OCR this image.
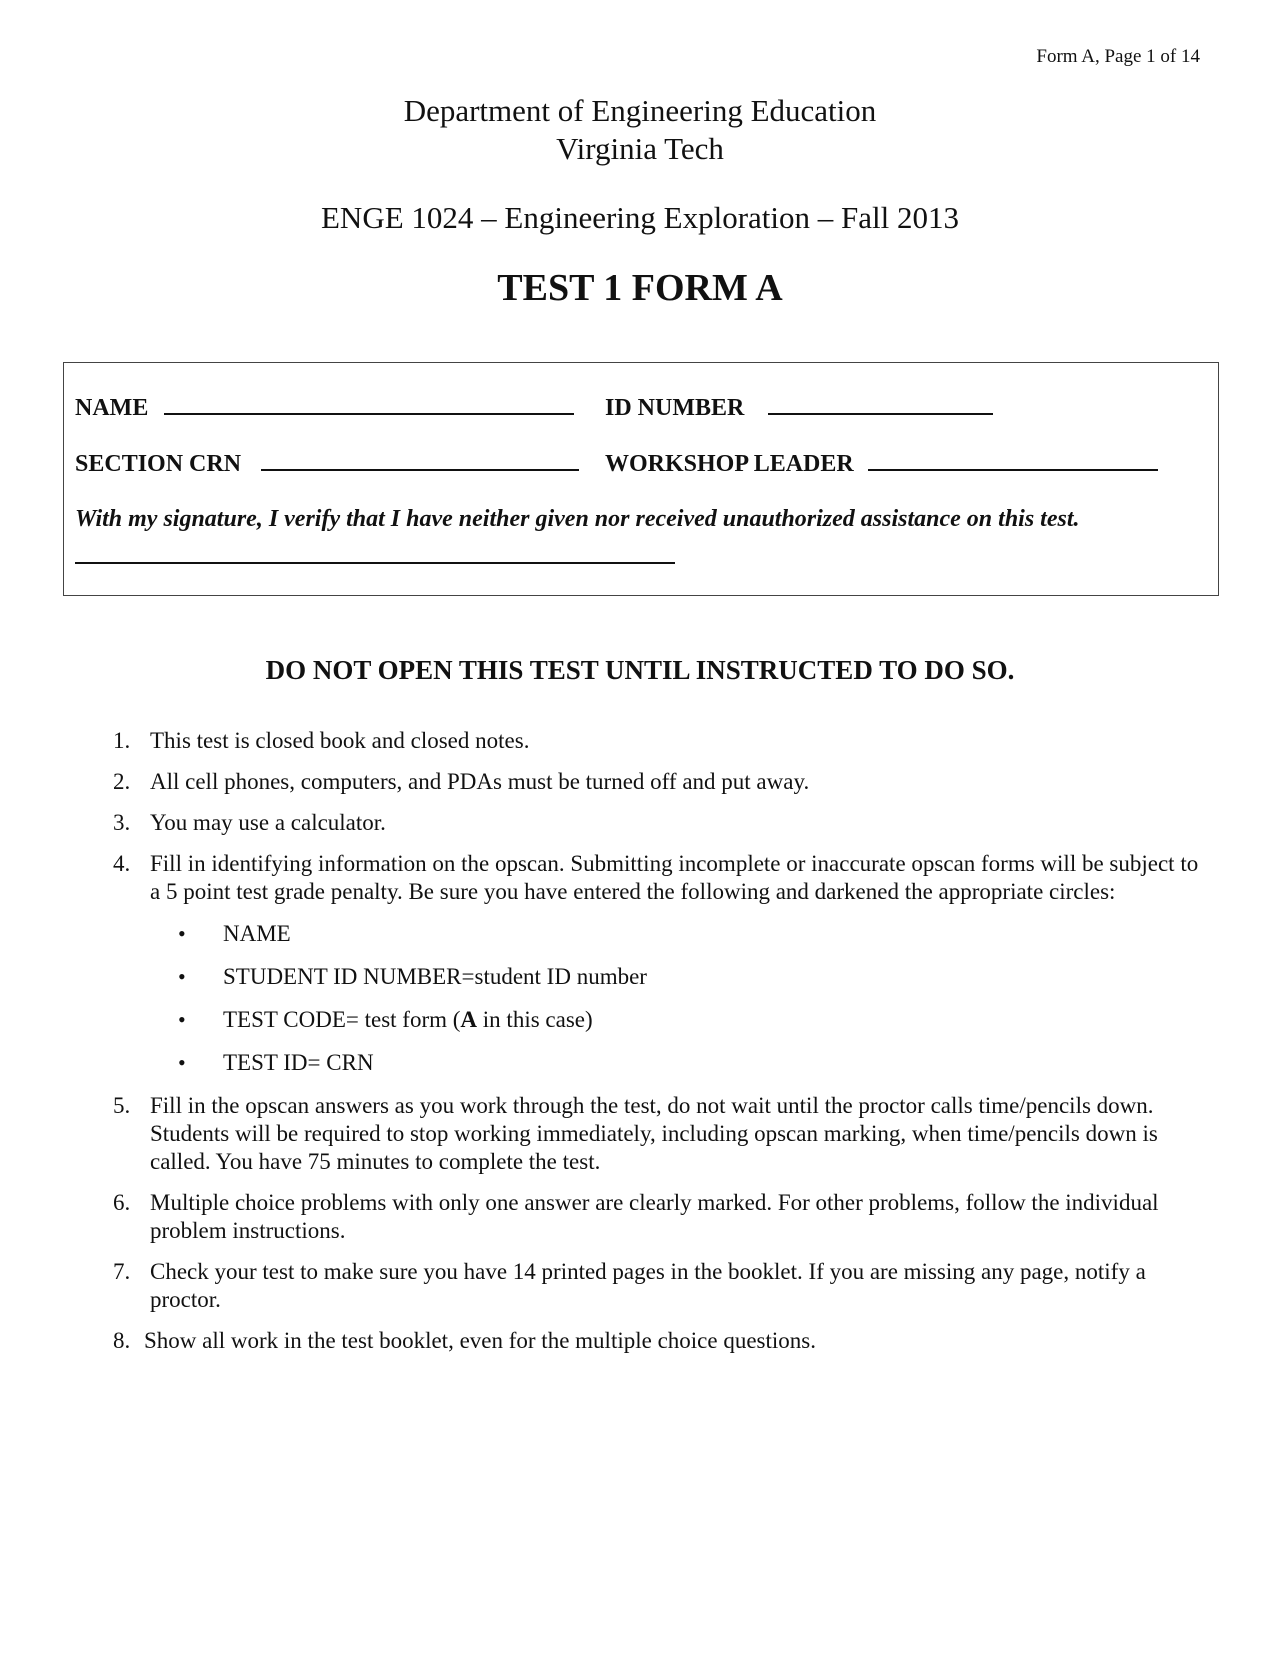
Form A, Page 1 of 14
Department of Engineering Education
Virginia Tech
ENGE 1024 – Engineering Exploration – Fall 2013
TEST 1 FORM A
NAME	ID NUMBER
SECTION CRN	WORKSHOP LEADER
With my signature, I verify that I have neither given nor received unauthorized assistance on this test.
DO NOT OPEN THIS TEST UNTIL INSTRUCTED TO DO SO.
1. This test is closed book and closed notes.
2. All cell phones, computers, and PDAs must be turned off and put away.
3. You may use a calculator.
4. Fill in identifying information on the opscan. Submitting incomplete or inaccurate opscan forms will be subject to a 5 point test grade penalty. Be sure you have entered the following and darkened the appropriate circles:
• NAME
• STUDENT ID NUMBER=student ID number
• TEST CODE= test form (A in this case)
• TEST ID= CRN
5. Fill in the opscan answers as you work through the test, do not wait until the proctor calls time/pencils down. Students will be required to stop working immediately, including opscan marking, when time/pencils down is called. You have 75 minutes to complete the test.
6. Multiple choice problems with only one answer are clearly marked. For other problems, follow the individual problem instructions.
7. Check your test to make sure you have 14 printed pages in the booklet. If you are missing any page, notify a proctor.
8. Show all work in the test booklet, even for the multiple choice questions.
